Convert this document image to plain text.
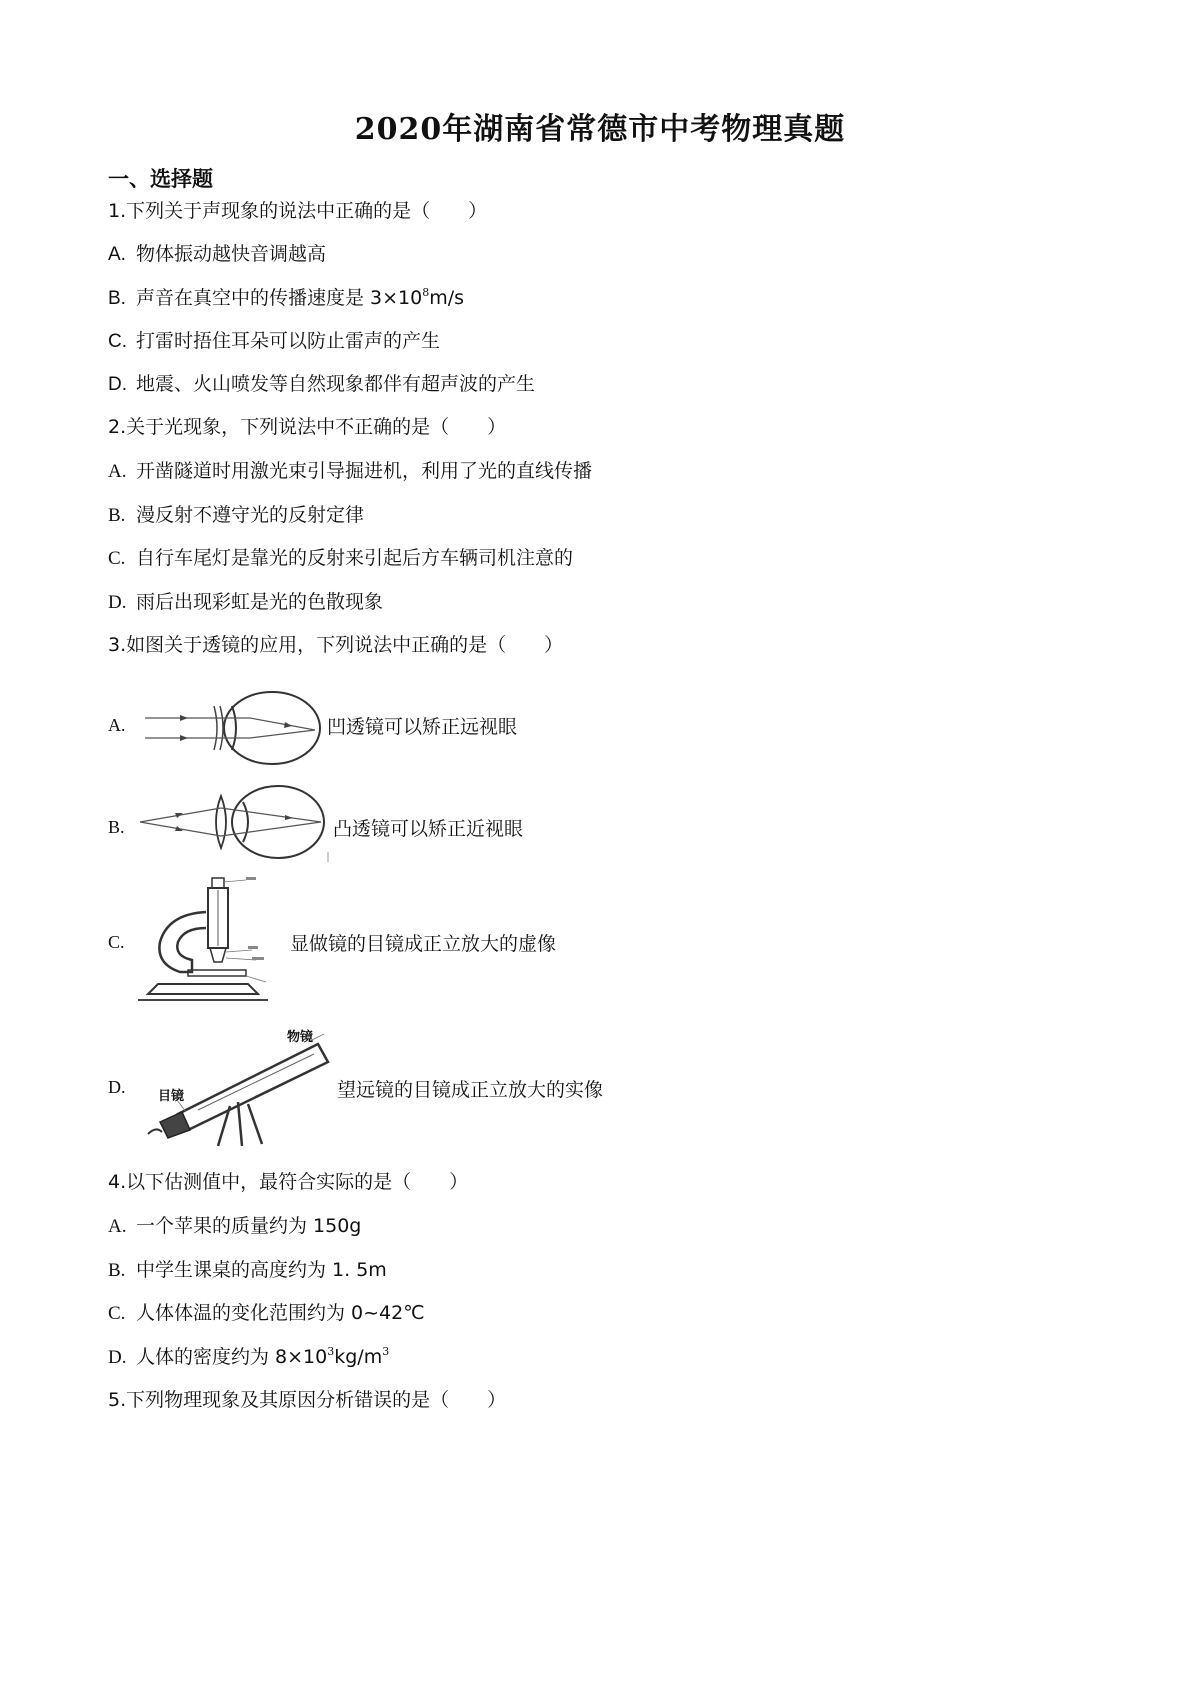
2020年湖南省常德市中考物理真题
一、选择题
1.下列关于声现象的说法中正确的是（　　）
A. 物体振动越快音调越高
B. 声音在真空中的传播速度是 $3\times 10^8m/s$
C. 打雷时捂住耳朵可以防止雷声的产生
D. 地震、火山喷发等自然现象都伴有超声波的产生
2.关于光现象，下列说法中不正确的是（　　）
A. 开凿隧道时用激光束引导掘进机，利用了光的直线传播
B. 漫反射不遵守光的反射定律
C. 自行车尾灯是靠光的反射来引起后方车辆司机注意的
D. 雨后出现彩虹是光的色散现象
3.如图关于透镜的应用，下列说法中正确的是（　　）
A.	凹透镜可以矫正远视眼
B.	凸透镜可以矫正近视眼
C.	显做镜的目镜成正立放大的虚像
D.
物镜
目镜	望远镜的目镜成正立放大的实像
4.以下估测值中，最符合实际的是（　　）
A. 一个苹果的质量约为 150g
B. 中学生课桌的高度约为 1. 5m
C. 人体体温的变化范围约为 0~42℃
D. 人体的密度约为 $8\times 10^3kg/m^3$
5.下列物理现象及其原因分析错误的是（　　）
